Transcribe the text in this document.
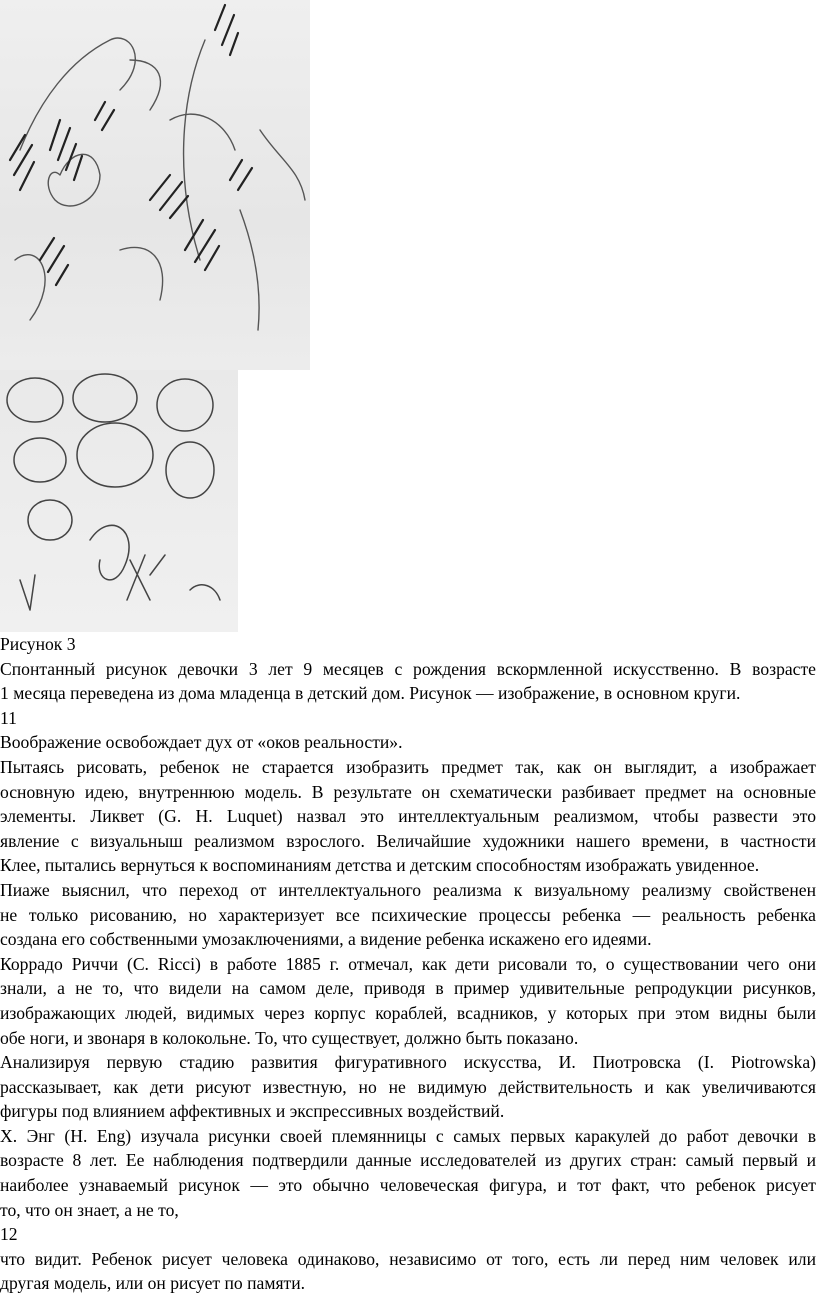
Рисунок 3
Спонтанный рисунок девочки 3 лет 9 месяцев с рождения вскормленной искусственно. В возрасте
1 месяца переведена из дома младенца в детский дом. Рисунок — изображение, в основном круги.
11
Воображение освобождает дух от «оков реальности».
Пытаясь рисовать, ребенок не старается изобразить предмет так, как он выглядит, а изображает
основную идею, внутреннюю модель. В результате он схематически разбивает предмет на основные
элементы. Ликвет (G. H. Luquet) назвал это интеллектуальным реализмом, чтобы развести это
явление с визуальныш реализмом взрослого. Величайшие художники нашего времени, в частности
Клее, пытались вернуться к воспоминаниям детства и детским способностям изображать увиденное.
Пиаже выяснил, что переход от интеллектуального реализма к визуальному реализму свойственен
не только рисованию, но характеризует все психические процессы ребенка — реальность ребенка
создана его собственными умозаключениями, а видение ребенка искажено его идеями.
Коррадо Риччи (C. Ricci) в работе 1885 г. отмечал, как дети рисовали то, о существовании чего они
знали, а не то, что видели на самом деле, приводя в пример удивительные репродукции рисунков,
изображающих людей, видимых через корпус кораблей, всадников, у которых при этом видны были
обе ноги, и звонаря в колокольне. То, что существует, должно быть показано.
Анализируя первую стадию развития фигуративного искусства, И. Пиотровска (I. Piotrowska)
рассказывает, как дети рисуют известную, но не видимую действительность и как увеличиваются
фигуры под влиянием аффективных и экспрессивных воздействий.
Х. Энг (H. Eng) изучала рисунки своей племянницы с самых первых каракулей до работ девочки в
возрасте 8 лет. Ее наблюдения подтвердили данные исследователей из других стран: самый первый и
наиболее узнаваемый рисунок — это обычно человеческая фигура, и тот факт, что ребенок рисует
то, что он знает, а не то,
12
что видит. Ребенок рисует человека одинаково, независимо от того, есть ли перед ним человек или
другая модель, или он рисует по памяти.
